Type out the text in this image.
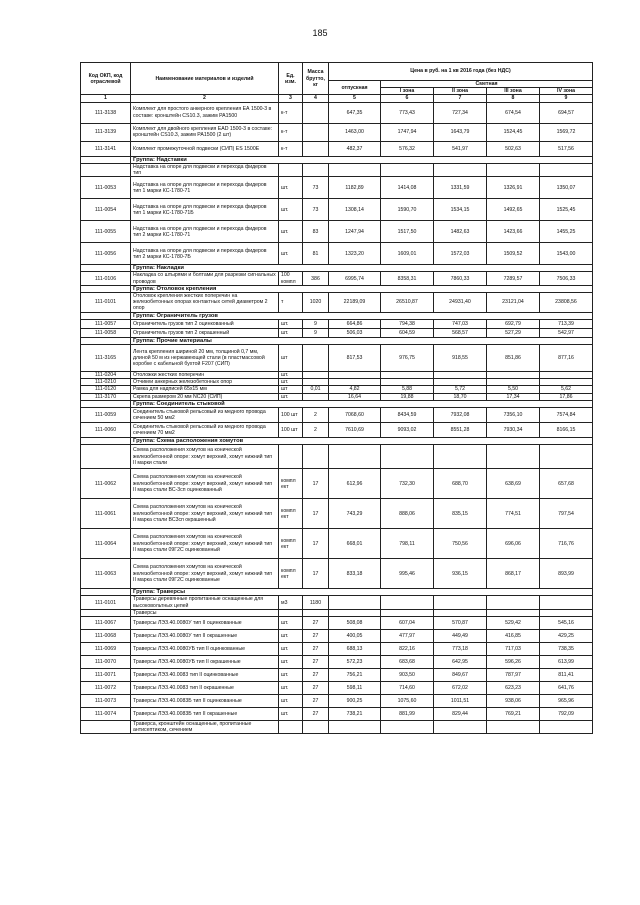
185
Код ОКП, код отраслевой	Наименование материалов и изделий	Ед. изм.	Масса брутто, кг	Цена в руб. на 1 кв 2016 года (без НДС)				
				отпускная	Сметная			
					I зона	II зона	III зона	IV зона
1	2	3	4	5	6	7	8	9
111-3138	Комплект для простого анкерного крепления ЕА 1500-3 в составе: кронштейн CS10.3, зажим PA1500	к-т		647,35	773,43	727,34	674,54	694,57
111-3139	Комплект для двойного крепления EAD 1500-3 в составе: кронштейн CS10.3, зажим PA1500 (2 шт)	к-т		1463,00	1747,94	1643,79	1524,45	1569,72
111-3141	Комплект промежуточной подвески (СИП) ES 1500Е	к-т		482,37	576,32	541,97	502,63	517,56
	Группа: Надставки							
	Надставка на опоре для подвески и перехода фидеров тип							
111-0053	Надставка на опоре для подвески и перехода фидеров тип 1 марки КС-1780-71	шт.	73	1182,89	1414,08	1331,59	1326,91	1350,07
111-0054	Надставка на опоре для подвески и перехода фидеров тип 1 марки КС-1780-71Б	шт.	73	1308,14	1590,70	1534,15	1492,65	1525,45
111-0055	Надставка на опоре для подвески и перехода фидеров тип 2 марки КС-1780-71	шт.	83	1247,94	1517,50	1482,63	1423,66	1455,25
111-0056	Надставка на опоре для подвески и перехода фидеров тип 2 марки КС-1780-7Б	шт.	81	1323,20	1609,01	1572,03	1509,52	1543,00
	Группа: Накладки							
111-0106	Накладка со штырями и болтами для разрезки сигнальных проводов	100 компл	386	6995,74	8358,31	7860,33	7289,57	7506,33
	Группа: Отоловок крепления							
111-0101	Отоловок крепления жестких поперечин на железобетонных опорах контактных сетей диаметром 2 опор	т	1020	22189,09	26510,87	24931,40	23121,04	23808,56
	Группа: Ограничитель грузов							
111-0057	Ограничитель грузов тип 2 оцинкованный	шт.	9	664,86	794,38	747,03	692,79	713,39
111-0058	Ограничитель грузов тип 2 окрашенный	шт.	9	506,03	604,59	568,57	527,29	542,97
	Группа: Прочие материалы							
111-3165	Лента крепления шириной 20 мм, толщиной 0,7 мм, длиной 50 м из нержавеющей стали (в пластмассовой коробке с кабельной бухтой F207 (СИП)	шт		817,53	976,75	918,55	851,86	877,16
111-0204	Отоложки жестких поперечин	шт.						
111-0210	Отчикеи анкерных железобетонных опор	шт.						
111-0120	Рамка для надписей 65х15 мм	шт	0,01	4,82	5,88	5,72	5,50	5,62
111-3170	Скрепа размером 20 мм NC20 (СИП)	шт.		16,64	19,88	18,70	17,34	17,86
	Группа: Соединитель стыковой							
111-0059	Соединитель стыковой рельсовый из медного провода сечением 50 мм2	100 шт	2	7068,60	8434,59	7932,08	7356,10	7574,84
111-0060	Соединитель стыковой рельсовый из медного провода сечением 70 мм2	100 шт	2	7610,69	9093,02	8551,28	7930,34	8166,15
	Группа: Схема расположения хомутов							
	Схема расположения хомутов на конической железобетонной опоре: хомут верхний, хомут нижний тип II марки стали							
111-0062	Схема расположения хомутов на конической железобетонной опоре: хомут верхний, хомут нижний тип II марка стали ВС-3сп оцинкованный	компл ект	17	612,96	732,30	688,70	638,69	657,68
111-0061	Схема расположения хомутов на конической железобетонной опоре: хомут верхний, хомут нижний тип II марка стали ВС3сп окрашенный	компл ект	17	743,29	888,06	835,15	774,51	797,54
111-0064	Схема расположения хомутов на конической железобетонной опоре: хомут верхний, хомут нижний тип II марка стали 09Г2С оцинкованный	компл ект	17	668,01	798,11	750,56	696,06	716,76
111-0063	Схема расположения хомутов на конической железобетонной опоре: хомут верхний, хомут нижний тип II марка стали 09Г2С оцинкованные	компл ект	17	833,18	995,46	936,15	868,17	893,99
	Группа: Траверсы							
111-0101	Траверсы деревянные пропитанные оснащенные для высоковольтных цепей	м3	1180					
	Траверсы							
111-0067	Траверсы ЛЭЗ.40.0080У тип II оцинкованные	шт.	27	508,08	607,04	570,87	529,42	545,16
111-0068	Траверсы ЛЭЗ.40.0080У тип II окрашенные	шт.	27	400,05	477,97	449,49	416,85	429,25
111-0069	Траверсы ЛЭЗ.40.0080УБ тип II оцинкованные	шт.	27	688,13	822,16	773,18	717,03	738,35
111-0070	Траверсы ЛЭЗ.40.0080УБ тип II окрашенные	шт.	27	572,23	683,68	642,95	596,26	613,99
111-0071	Траверсы ЛЭЗ.40.0083 тип II оцинкованные	шт.	27	756,21	903,50	849,67	787,97	811,41
111-0072	Траверсы ЛЭЗ.40.0083 тип II окрашенные	шт.	27	598,11	714,60	672,02	623,23	641,76
111-0073	Траверсы ЛЭЗ.40.0083Б тип II оцинкованные	шт.	27	900,25	1075,60	1011,51	938,06	965,96
111-0074	Траверсы ЛЭЗ.40.0083Б тип II окрашенные	шт.	27	738,21	881,99	829,44	769,21	792,09
	Траверса, кронштейн оснащенные, пропитанные антисептиком, сечением							
